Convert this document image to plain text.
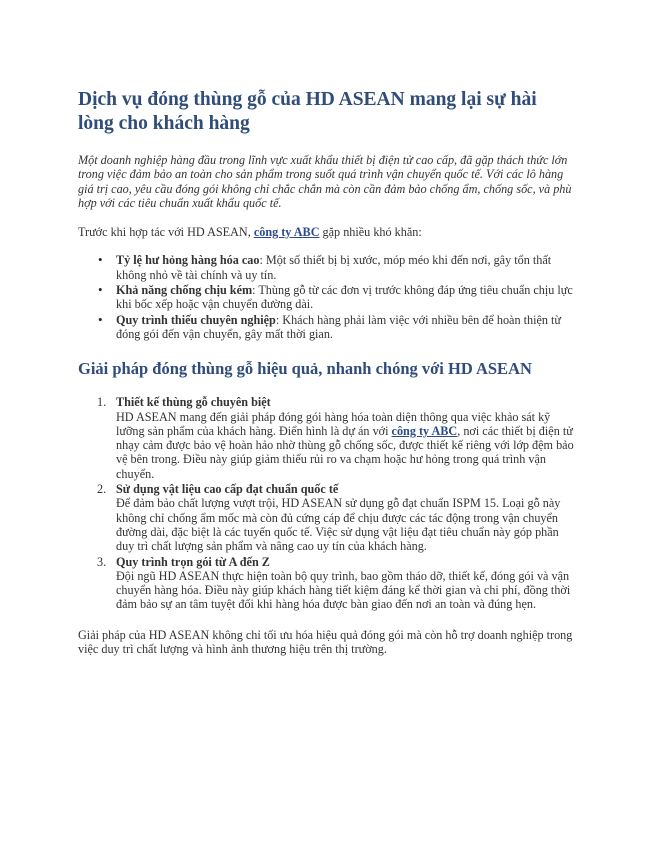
Dịch vụ đóng thùng gỗ của HD ASEAN mang lại sự hài lòng cho khách hàng

Một doanh nghiệp hàng đầu trong lĩnh vực xuất khẩu thiết bị điện tử cao cấp, đã gặp thách thức lớn trong việc đảm bảo an toàn cho sản phẩm trong suốt quá trình vận chuyển quốc tế. Với các lô hàng giá trị cao, yêu cầu đóng gói không chỉ chắc chắn mà còn cần đảm bảo chống ẩm, chống sốc, và phù hợp với các tiêu chuẩn xuất khẩu quốc tế.

Trước khi hợp tác với HD ASEAN, công ty ABC gặp nhiều khó khăn:

• Tỷ lệ hư hỏng hàng hóa cao: Một số thiết bị bị xước, móp méo khi đến nơi, gây tổn thất không nhỏ về tài chính và uy tín.
• Khả năng chống chịu kém: Thùng gỗ từ các đơn vị trước không đáp ứng tiêu chuẩn chịu lực khi bốc xếp hoặc vận chuyển đường dài.
• Quy trình thiếu chuyên nghiệp: Khách hàng phải làm việc với nhiều bên để hoàn thiện từ đóng gói đến vận chuyển, gây mất thời gian.
Giải pháp đóng thùng gỗ hiệu quả, nhanh chóng với HD ASEAN
1. Thiết kế thùng gỗ chuyên biệt
HD ASEAN mang đến giải pháp đóng gói hàng hóa toàn diện thông qua việc khảo sát kỹ lưỡng sản phẩm của khách hàng. Điển hình là dự án với công ty ABC, nơi các thiết bị điện tử nhạy cảm được bảo vệ hoàn hảo nhờ thùng gỗ chống sốc, được thiết kế riêng với lớp đệm bảo vệ bên trong. Điều này giúp giảm thiểu rủi ro va chạm hoặc hư hỏng trong quá trình vận chuyển.
2. Sử dụng vật liệu cao cấp đạt chuẩn quốc tế
Để đảm bảo chất lượng vượt trội, HD ASEAN sử dụng gỗ đạt chuẩn ISPM 15. Loại gỗ này không chỉ chống ẩm mốc mà còn đủ cứng cáp để chịu được các tác động trong vận chuyển đường dài, đặc biệt là các tuyến quốc tế. Việc sử dụng vật liệu đạt tiêu chuẩn này góp phần duy trì chất lượng sản phẩm và nâng cao uy tín của khách hàng.
3. Quy trình trọn gói từ A đến Z
Đội ngũ HD ASEAN thực hiện toàn bộ quy trình, bao gồm tháo dỡ, thiết kế, đóng gói và vận chuyển hàng hóa. Điều này giúp khách hàng tiết kiệm đáng kể thời gian và chi phí, đồng thời đảm bảo sự an tâm tuyệt đối khi hàng hóa được bàn giao đến nơi an toàn và đúng hẹn.

Giải pháp của HD ASEAN không chỉ tối ưu hóa hiệu quả đóng gói mà còn hỗ trợ doanh nghiệp trong việc duy trì chất lượng và hình ảnh thương hiệu trên thị trường.
